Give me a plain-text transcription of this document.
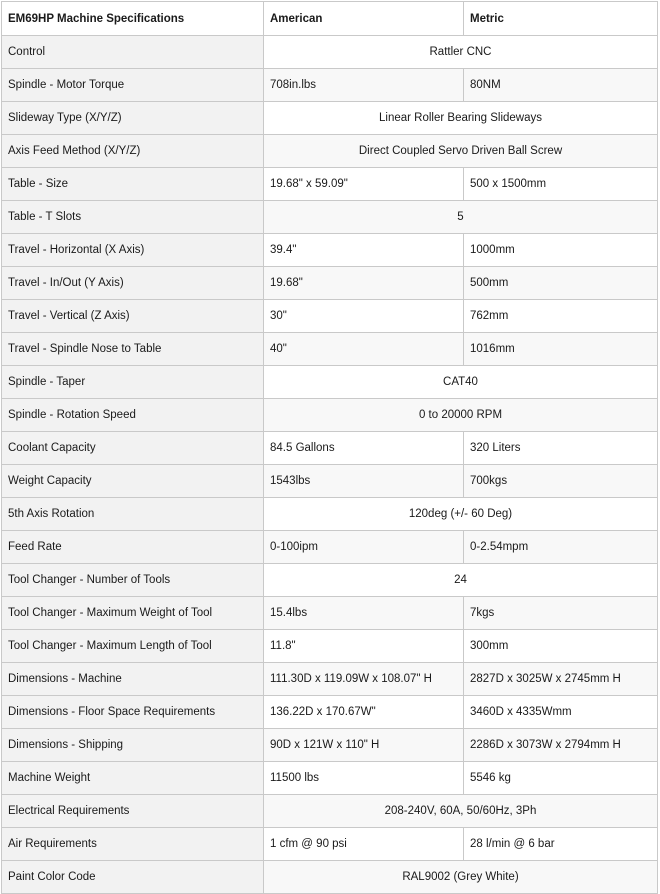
EM69HP Machine Specifications	American	Metric
Control	Rattler CNC	
Spindle - Motor Torque	708in.lbs	80NM
Slideway Type (X/Y/Z)	Linear Roller Bearing Slideways	
Axis Feed Method (X/Y/Z)	Direct Coupled Servo Driven Ball Screw	
Table - Size	19.68" x 59.09"	500 x 1500mm
Table - T Slots	5	
Travel - Horizontal (X Axis)	39.4"	1000mm
Travel - In/Out (Y Axis)	19.68"	500mm
Travel - Vertical (Z Axis)	30"	762mm
Travel - Spindle Nose to Table	40"	1016mm
Spindle - Taper	CAT40	
Spindle - Rotation Speed	0 to 20000 RPM	
Coolant Capacity	84.5 Gallons	320 Liters
Weight Capacity	1543lbs	700kgs
5th Axis Rotation	120deg (+/- 60 Deg)	
Feed Rate	0-100ipm	0-2.54mpm
Tool Changer - Number of Tools	24	
Tool Changer - Maximum Weight of Tool	15.4lbs	7kgs
Tool Changer - Maximum Length of Tool	11.8"	300mm
Dimensions - Machine	111.30D x 119.09W x 108.07" H	2827D x 3025W x 2745mm H
Dimensions - Floor Space Requirements	136.22D x 170.67W"	3460D x 4335Wmm
Dimensions - Shipping	90D x 121W x 110" H	2286D x 3073W x 2794mm H
Machine Weight	11500 lbs	5546 kg
Electrical Requirements	208-240V, 60A, 50/60Hz, 3Ph	
Air Requirements	1 cfm @ 90 psi	28 l/min @ 6 bar
Paint Color Code	RAL9002 (Grey White)	
